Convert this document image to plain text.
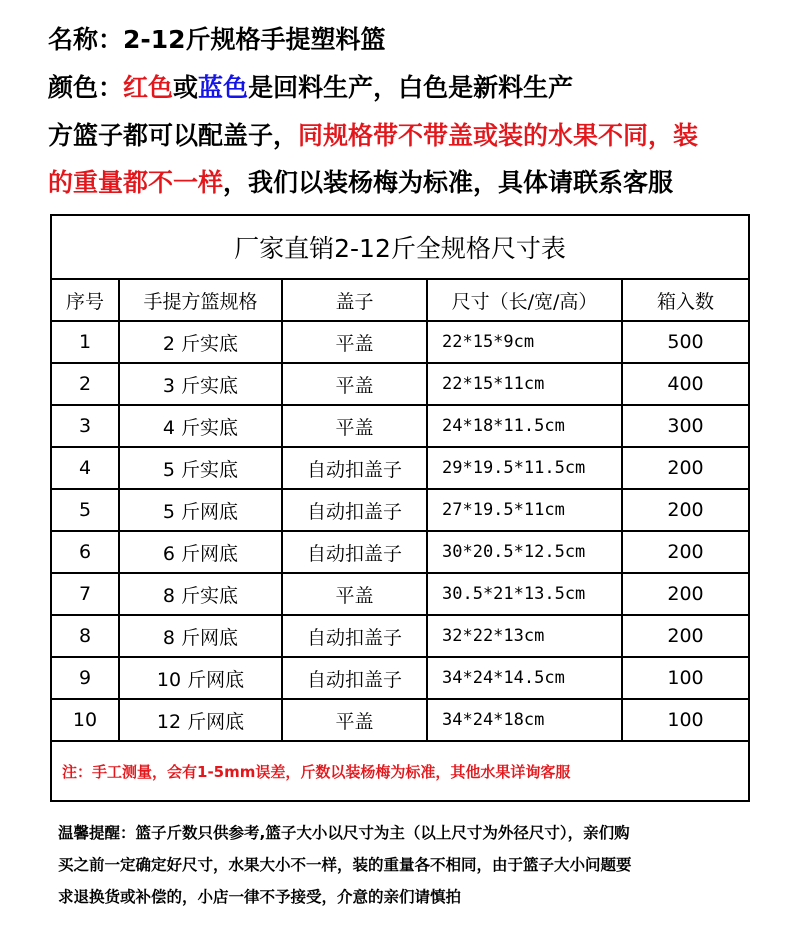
名称：2-12斤规格手提塑料篮
颜色：红色或蓝色是回料生产，白色是新料生产
方篮子都可以配盖子，同规格带不带盖或装的水果不同，装
的重量都不一样，我们以装杨梅为标准，具体请联系客服
厂家直销2-12斤全规格尺寸表				
序号	手提方篮规格	盖子	尺寸（长/宽/高）	箱入数
1	2 斤实底	平盖	22*15*9cm	500
2	3 斤实底	平盖	22*15*11cm	400
3	4 斤实底	平盖	24*18*11.5cm	300
4	5 斤实底	自动扣盖子	29*19.5*11.5cm	200
5	5 斤网底	自动扣盖子	27*19.5*11cm	200
6	6 斤网底	自动扣盖子	30*20.5*12.5cm	200
7	8 斤实底	平盖	30.5*21*13.5cm	200
8	8 斤网底	自动扣盖子	32*22*13cm	200
9	10 斤网底	自动扣盖子	34*24*14.5cm	100
10	12 斤网底	平盖	34*24*18cm	100
注：手工测量，会有1-5mm误差，斤数以装杨梅为标准，其他水果详询客服				
温馨提醒：篮子斤数只供参考,篮子大小以尺寸为主（以上尺寸为外径尺寸），亲们购
买之前一定确定好尺寸，水果大小不一样，装的重量各不相同，由于篮子大小问题要
求退换货或补偿的，小店一律不予接受，介意的亲们请慎拍
